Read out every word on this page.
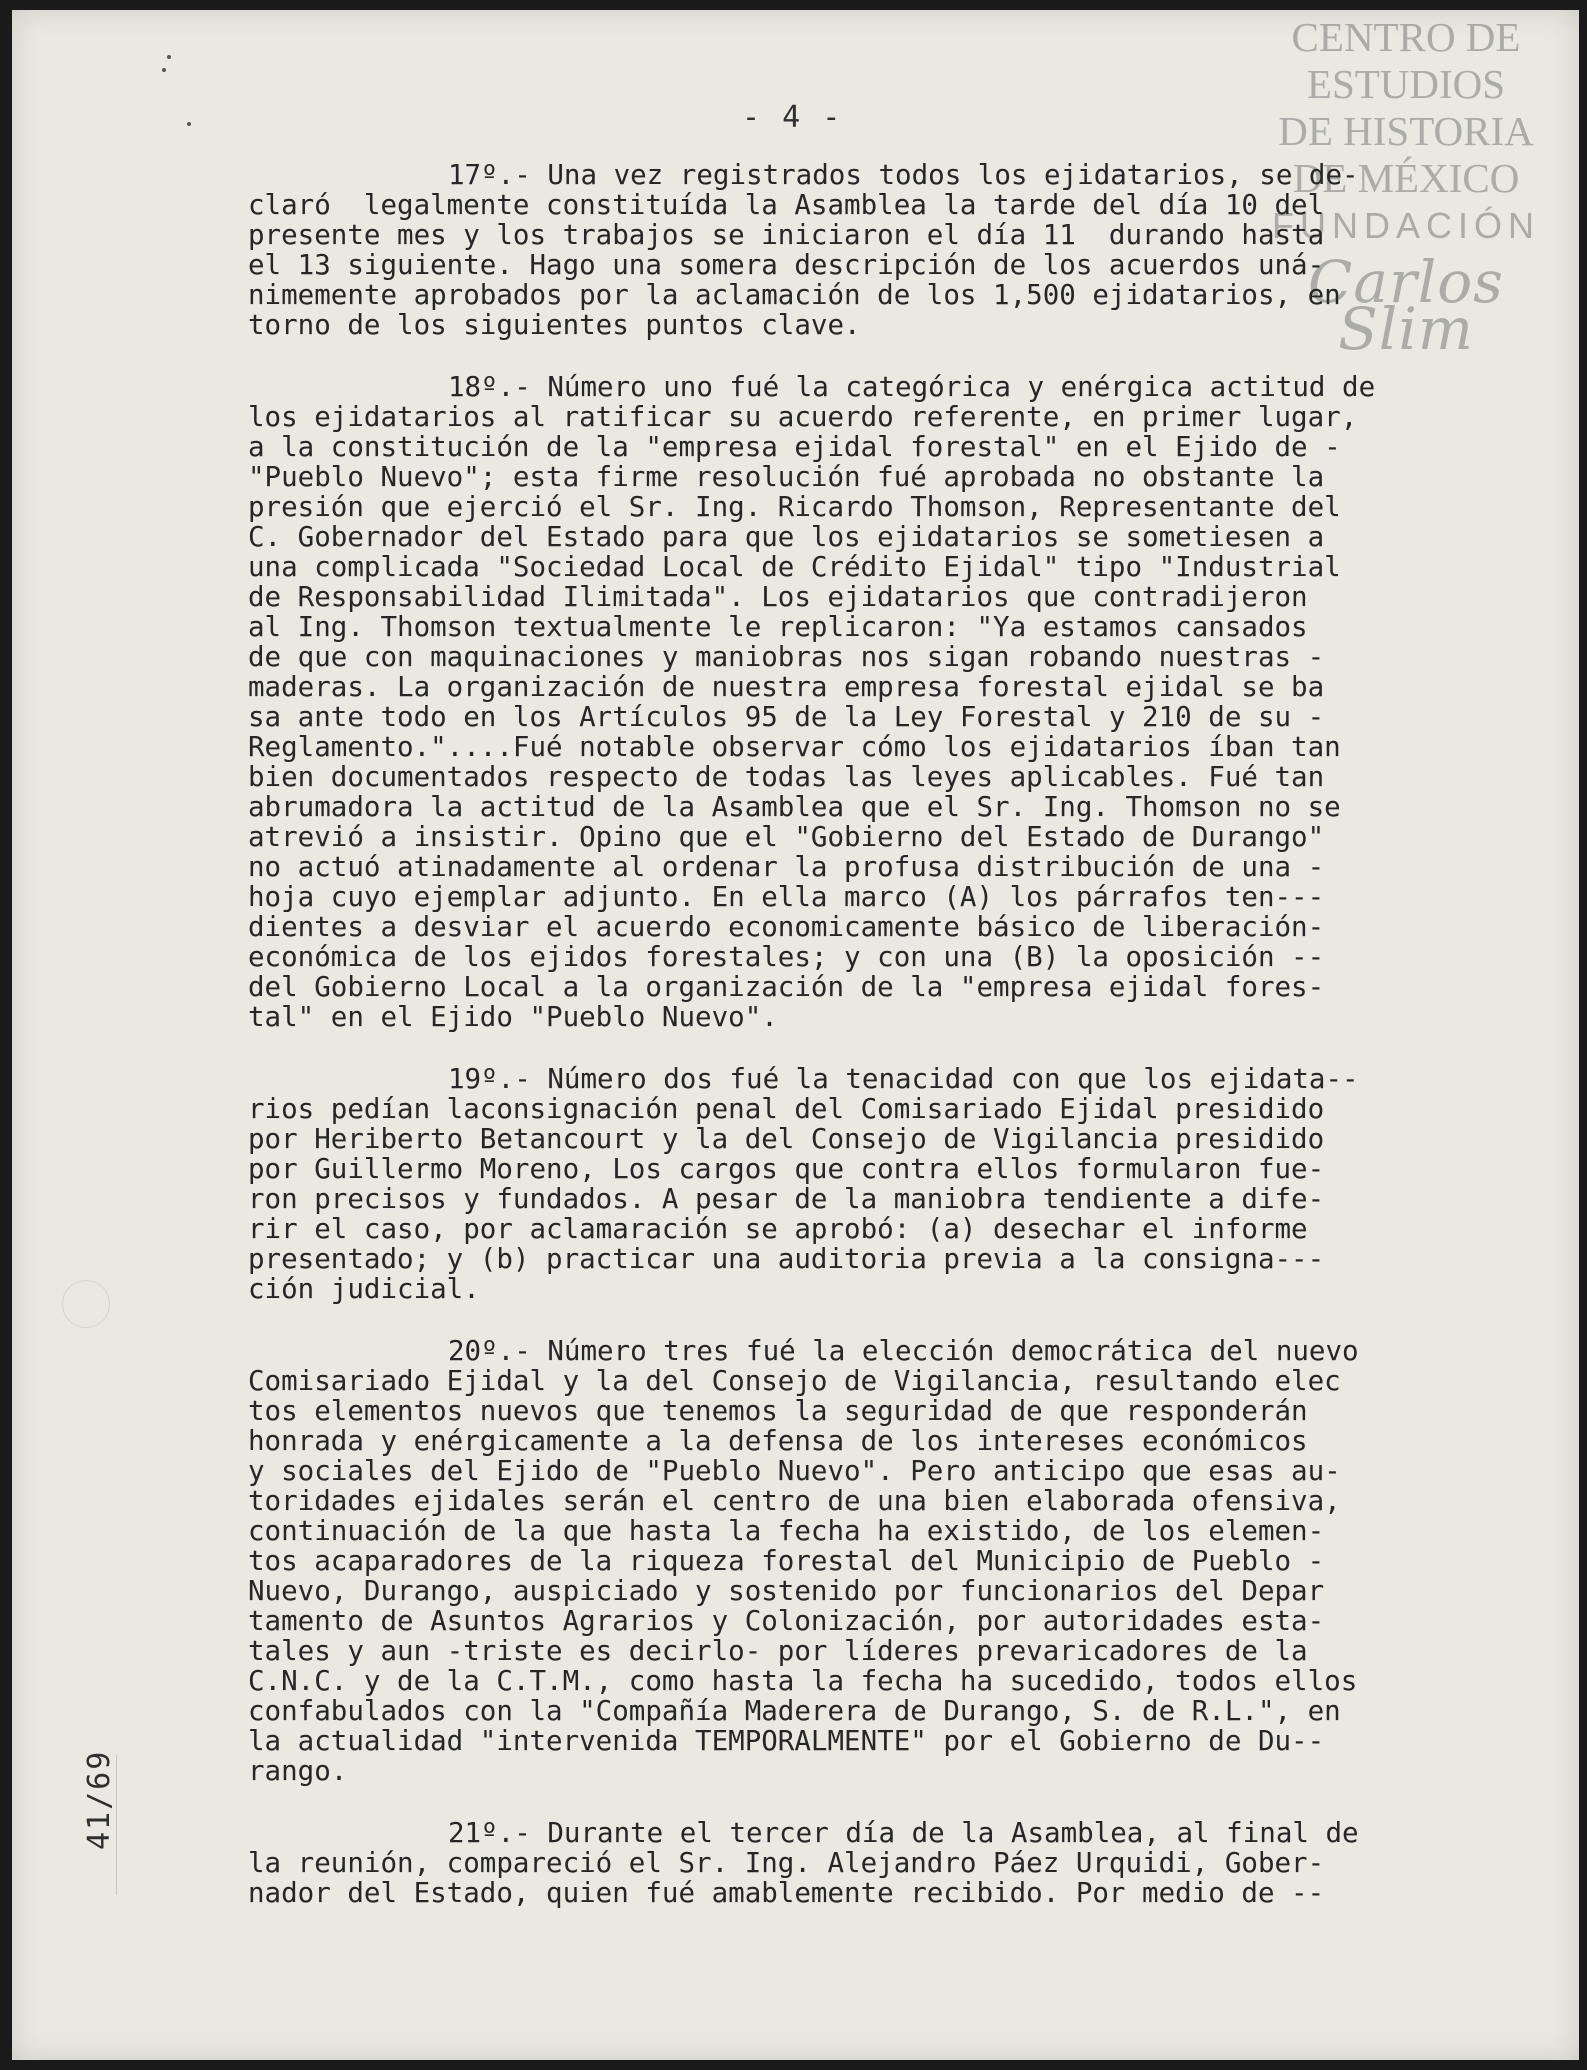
CENTRO DE
ESTUDIOS
DE HISTORIA
DE MÉXICO
FUNDACIÓN
Carlos Slim
- 4 -
17º.- Una vez registrados todos los ejidatarios, se de-
claró  legalmente constituída la Asamblea la tarde del día 10 del
presente mes y los trabajos se iniciaron el día 11  durando hasta
el 13 siguiente. Hago una somera descripción de los acuerdos uná-
nimemente aprobados por la aclamación de los 1,500 ejidatarios, en
torno de los siguientes puntos clave.
18º.- Número uno fué la categórica y enérgica actitud de
los ejidatarios al ratificar su acuerdo referente, en primer lugar,
a la constitución de la "empresa ejidal forestal" en el Ejido de -
"Pueblo Nuevo"; esta firme resolución fué aprobada no obstante la
presión que ejerció el Sr. Ing. Ricardo Thomson, Representante del
C. Gobernador del Estado para que los ejidatarios se sometiesen a
una complicada "Sociedad Local de Crédito Ejidal" tipo "Industrial
de Responsabilidad Ilimitada". Los ejidatarios que contradijeron
al Ing. Thomson textualmente le replicaron: "Ya estamos cansados
de que con maquinaciones y maniobras nos sigan robando nuestras -
maderas. La organización de nuestra empresa forestal ejidal se ba
sa ante todo en los Artículos 95 de la Ley Forestal y 210 de su -
Reglamento."....Fué notable observar cómo los ejidatarios íban tan
bien documentados respecto de todas las leyes aplicables. Fué tan
abrumadora la actitud de la Asamblea que el Sr. Ing. Thomson no se
atrevió a insistir. Opino que el "Gobierno del Estado de Durango"
no actuó atinadamente al ordenar la profusa distribución de una -
hoja cuyo ejemplar adjunto. En ella marco (A) los párrafos ten---
dientes a desviar el acuerdo economicamente básico de liberación-
económica de los ejidos forestales; y con una (B) la oposición --
del Gobierno Local a la organización de la "empresa ejidal fores-
tal" en el Ejido "Pueblo Nuevo".
19º.- Número dos fué la tenacidad con que los ejidata--
rios pedían laconsignación penal del Comisariado Ejidal presidido
por Heriberto Betancourt y la del Consejo de Vigilancia presidido
por Guillermo Moreno, Los cargos que contra ellos formularon fue-
ron precisos y fundados. A pesar de la maniobra tendiente a dife-
rir el caso, por aclamaración se aprobó: (a) desechar el informe
presentado; y (b) practicar una auditoria previa a la consigna---
ción judicial.
20º.- Número tres fué la elección democrática del nuevo
Comisariado Ejidal y la del Consejo de Vigilancia, resultando elec
tos elementos nuevos que tenemos la seguridad de que responderán
honrada y enérgicamente a la defensa de los intereses económicos
y sociales del Ejido de "Pueblo Nuevo". Pero anticipo que esas au-
toridades ejidales serán el centro de una bien elaborada ofensiva,
continuación de la que hasta la fecha ha existido, de los elemen-
tos acaparadores de la riqueza forestal del Municipio de Pueblo -
Nuevo, Durango, auspiciado y sostenido por funcionarios del Depar
tamento de Asuntos Agrarios y Colonización, por autoridades esta-
tales y aun -triste es decirlo- por líderes prevaricadores de la
C.N.C. y de la C.T.M., como hasta la fecha ha sucedido, todos ellos
confabulados con la "Compañía Maderera de Durango, S. de R.L.", en
la actualidad "intervenida TEMPORALMENTE" por el Gobierno de Du--
rango.
21º.- Durante el tercer día de la Asamblea, al final de
la reunión, compareció el Sr. Ing. Alejandro Páez Urquidi, Gober-
nador del Estado, quien fué amablemente recibido. Por medio de --
41/69
